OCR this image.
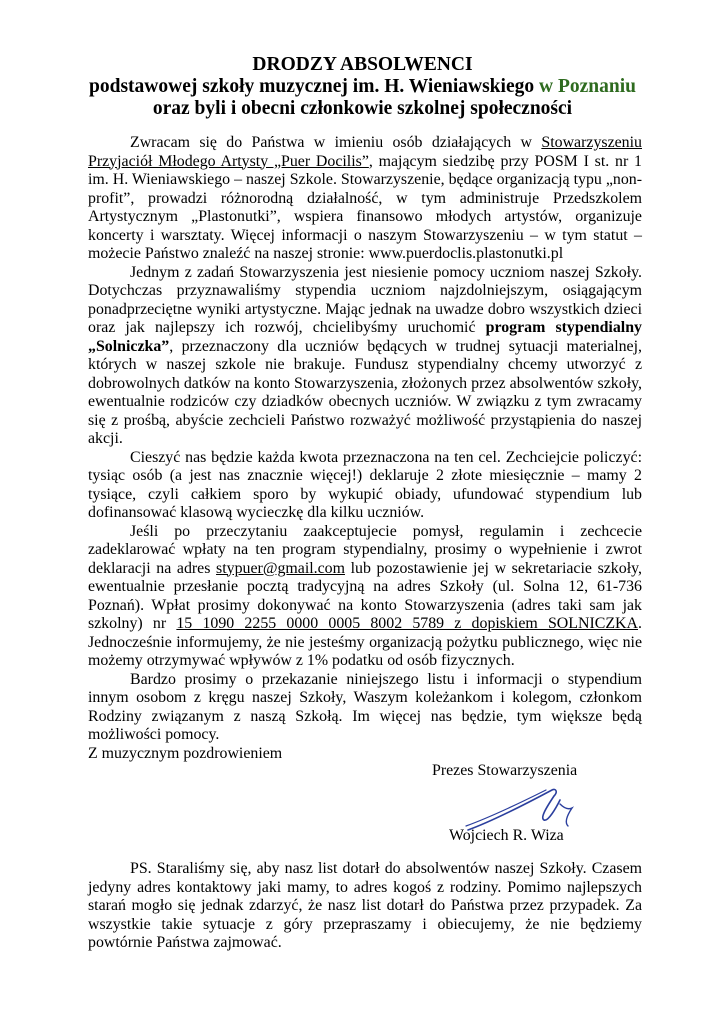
DRODZY ABSOLWENCI
podstawowej szkoły muzycznej im. H. Wieniawskiego w Poznaniu
oraz byli i obecni członkowie szkolnej społeczności

Zwracam się do Państwa w imieniu osób działających w Stowarzyszeniu Przyjaciół Młodego Artysty „Puer Docilis”, mającym siedzibę przy POSM I st. nr 1 im. H. Wieniawskiego – naszej Szkole. Stowarzyszenie, będące organizacją typu „non-profit”, prowadzi różnorodną działalność, w tym administruje Przedszkolem Artystycznym „Plastonutki”, wspiera finansowo młodych artystów, organizuje koncerty i warsztaty. Więcej informacji o naszym Stowarzyszeniu – w tym statut – możecie Państwo znaleźć na naszej stronie: www.puerdoclis.plastonutki.pl

Jednym z zadań Stowarzyszenia jest niesienie pomocy uczniom naszej Szkoły. Dotychczas przyznawaliśmy stypendia uczniom najzdolniejszym, osiągającym ponadprzeciętne wyniki artystyczne. Mając jednak na uwadze dobro wszystkich dzieci oraz jak najlepszy ich rozwój, chcielibyśmy uruchomić program stypendialny „Solniczka”, przeznaczony dla uczniów będących w trudnej sytuacji materialnej, których w naszej szkole nie brakuje. Fundusz stypendialny chcemy utworzyć z dobrowolnych datków na konto Stowarzyszenia, złożonych przez absolwentów szkoły, ewentualnie rodziców czy dziadków obecnych uczniów. W związku z tym zwracamy się z prośbą, abyście zechcieli Państwo rozważyć możliwość przystąpienia do naszej akcji.

Cieszyć nas będzie każda kwota przeznaczona na ten cel. Zechciejcie policzyć: tysiąc osób (a jest nas znacznie więcej!) deklaruje 2 złote miesięcznie – mamy 2 tysiące, czyli całkiem sporo by wykupić obiady, ufundować stypendium lub dofinansować klasową wycieczkę dla kilku uczniów.

Jeśli po przeczytaniu zaakceptujecie pomysł, regulamin i zechcecie zadeklarować wpłaty na ten program stypendialny, prosimy o wypełnienie i zwrot deklaracji na adres stypuer@gmail.com lub pozostawienie jej w sekretariacie szkoły, ewentualnie przesłanie pocztą tradycyjną na adres Szkoły (ul. Solna 12, 61-736 Poznań). Wpłat prosimy dokonywać na konto Stowarzyszenia (adres taki sam jak szkolny) nr 15 1090 2255 0000 0005 8002 5789 z dopiskiem SOLNICZKA. Jednocześnie informujemy, że nie jesteśmy organizacją pożytku publicznego, więc nie możemy otrzymywać wpływów z 1% podatku od osób fizycznych.

Bardzo prosimy o przekazanie niniejszego listu i informacji o stypendium innym osobom z kręgu naszej Szkoły, Waszym koleżankom i kolegom, członkom Rodziny związanym z naszą Szkołą. Im więcej nas będzie, tym większe będą możliwości pomocy.

Z muzycznym pozdrowieniem

Prezes Stowarzyszenia
Wojciech R. Wiza

PS. Staraliśmy się, aby nasz list dotarł do absolwentów naszej Szkoły. Czasem jedyny adres kontaktowy jaki mamy, to adres kogoś z rodziny. Pomimo najlepszych starań mogło się jednak zdarzyć, że nasz list dotarł do Państwa przez przypadek. Za wszystkie takie sytuacje z góry przepraszamy i obiecujemy, że nie będziemy powtórnie Państwa zajmować.
